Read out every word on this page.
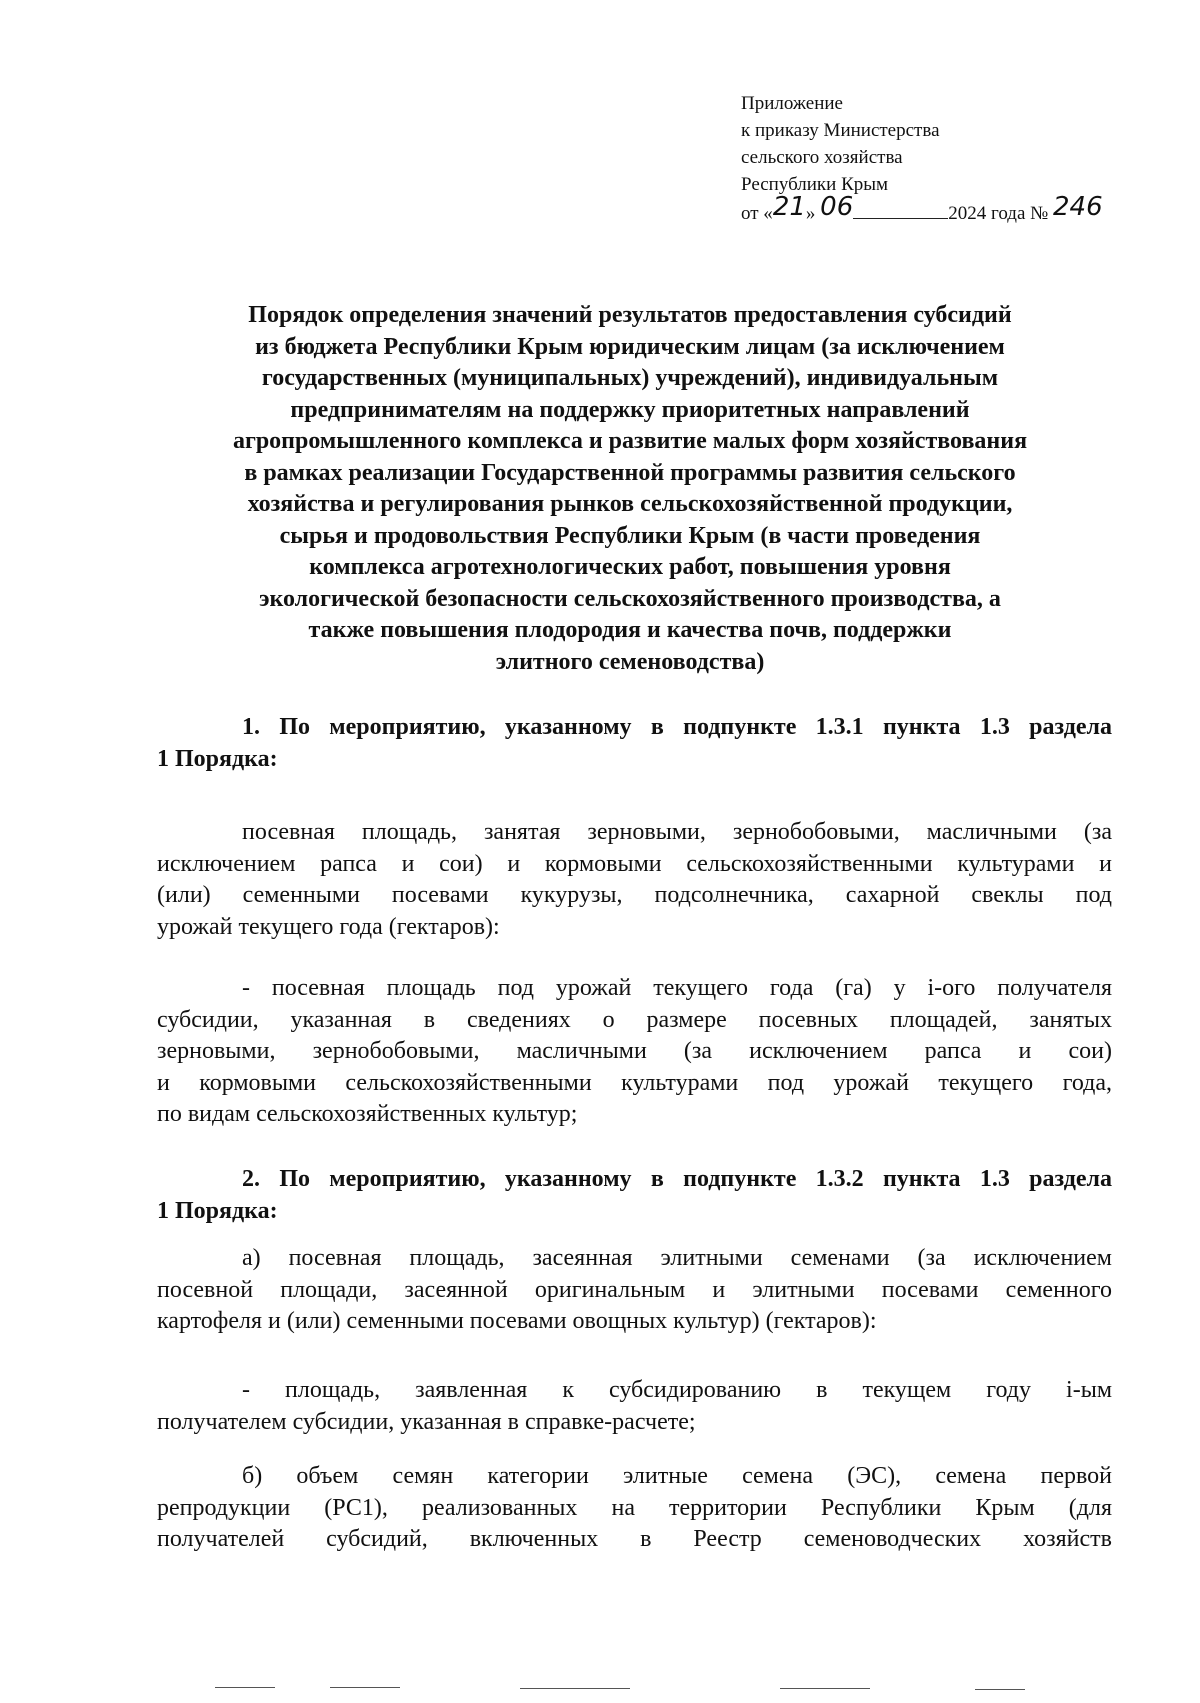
Приложение
к приказу Министерства
сельского хозяйства
Республики Крым
от «21» 06	2024 года № 246
Порядок определения значений результатов предоставления субсидий
из бюджета Республики Крым юридическим лицам (за исключением
государственных (муниципальных) учреждений), индивидуальным
предпринимателям на поддержку приоритетных направлений
агропромышленного комплекса и развитие малых форм хозяйствования
в рамках реализации Государственной программы развития сельского
хозяйства и регулирования рынков сельскохозяйственной продукции,
сырья и продовольствия Республики Крым (в части проведения
комплекса агротехнологических работ, повышения уровня
экологической безопасности сельскохозяйственного производства, а
также повышения плодородия и качества почв, поддержки
элитного семеноводства)
1. По мероприятию, указанному в подпункте 1.3.1 пункта 1.3 раздела
1 Порядка:
посевная площадь, занятая зерновыми, зернобобовыми, масличными (за
исключением рапса и сои) и кормовыми сельскохозяйственными культурами и
(или) семенными посевами кукурузы, подсолнечника, сахарной свеклы под
урожай текущего года (гектаров):
- посевная площадь под урожай текущего года (га) у i-ого получателя
субсидии, указанная в сведениях о размере посевных площадей, занятых
зерновыми, зернобобовыми, масличными (за исключением рапса и сои)
и кормовыми сельскохозяйственными культурами под урожай текущего года,
по видам сельскохозяйственных культур;
2. По мероприятию, указанному в подпункте 1.3.2 пункта 1.3 раздела
1 Порядка:
а) посевная площадь, засеянная элитными семенами (за исключением
посевной площади, засеянной оригинальным и элитными посевами семенного
картофеля и (или) семенными посевами овощных культур) (гектаров):
- площадь, заявленная к субсидированию в текущем году i-ым
получателем субсидии, указанная в справке-расчете;
б) объем семян категории элитные семена (ЭС), семена первой
репродукции (РС1), реализованных на территории Республики Крым (для
получателей субсидий, включенных в Реестр семеноводческих хозяйств
